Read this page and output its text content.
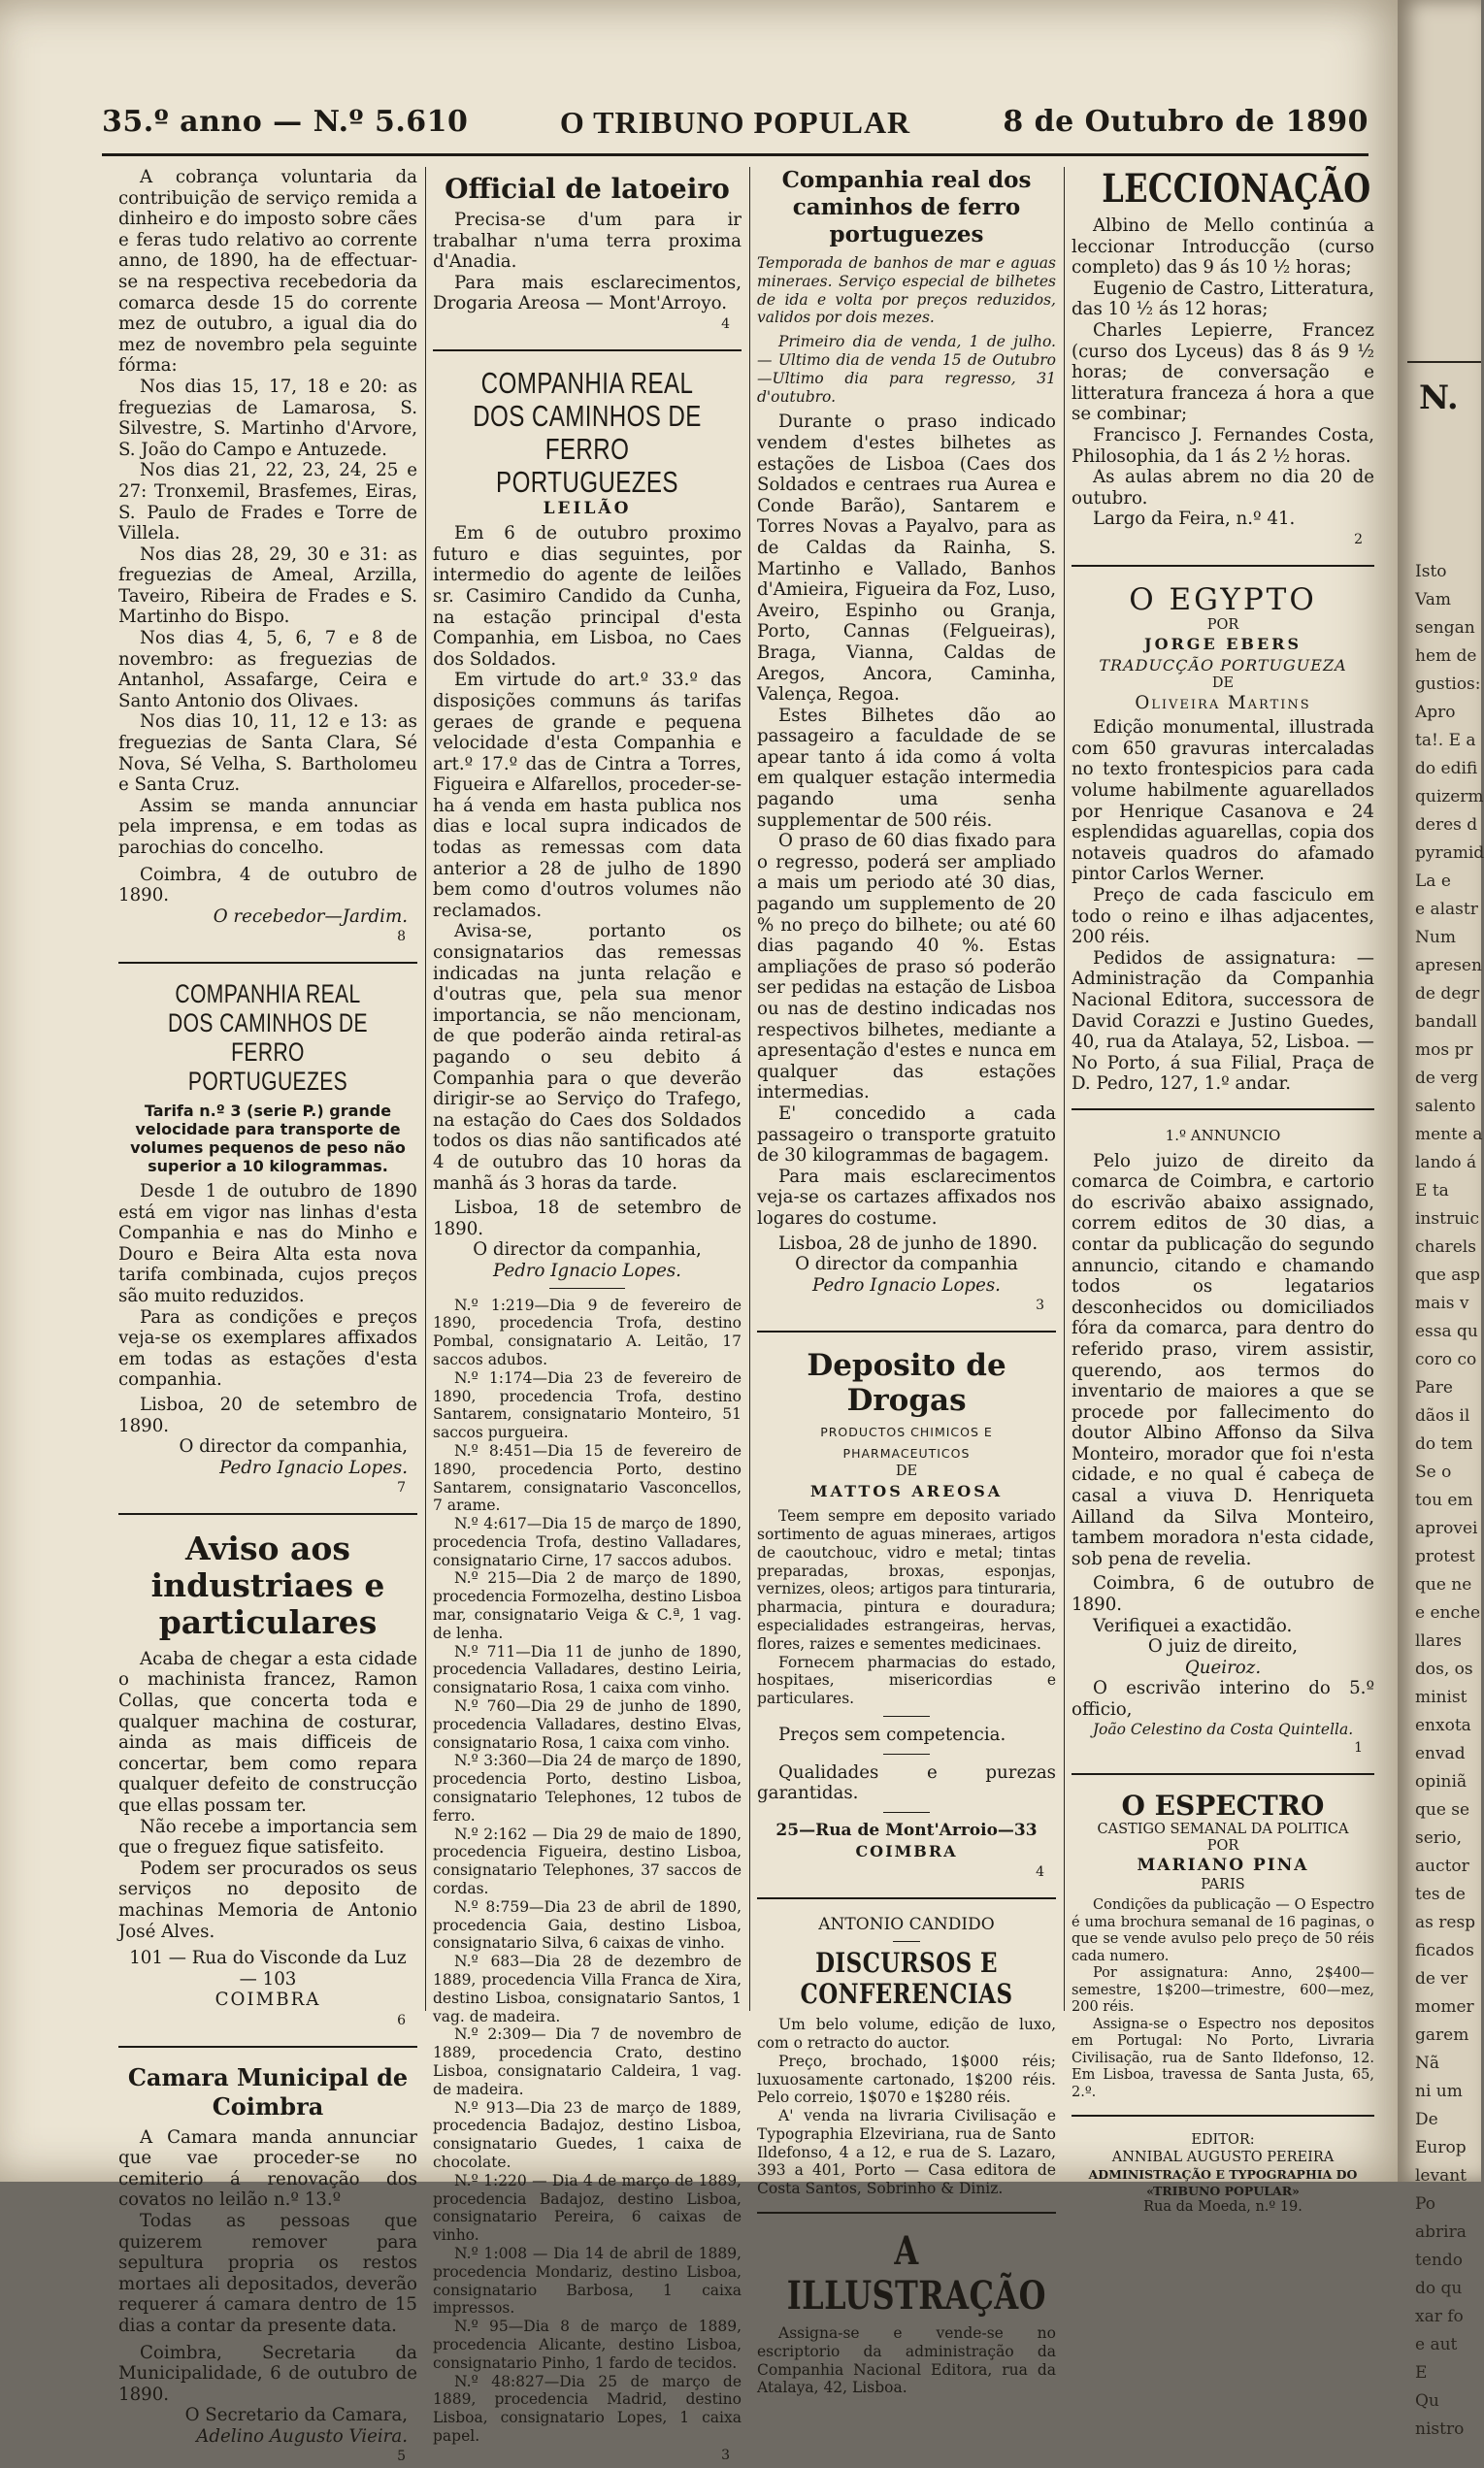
35.º anno — N.º 5.610	O TRIBUNO POPULAR	8 de Outubro de 1890

A cobrança voluntaria da contribuição de serviço remida a dinheiro e do imposto sobre cães e feras tudo relativo ao corrente anno, de 1890, ha de effectuar-se na respectiva recebedoria da comarca desde 15 do corrente mez de outubro, a igual dia do mez de novembro pela seguinte fórma:

Nos dias 15, 17, 18 e 20: as freguezias de Lamarosa, S. Silvestre, S. Martinho d'Arvore, S. João do Campo e Antuzede.

Nos dias 21, 22, 23, 24, 25 e 27: Tronxemil, Brasfemes, Eiras, S. Paulo de Frades e Torre de Villela.

Nos dias 28, 29, 30 e 31: as freguezias de Ameal, Arzilla, Taveiro, Ribeira de Frades e S. Martinho do Bispo.

Nos dias 4, 5, 6, 7 e 8 de novembro: as freguezias de Antanhol, Assafarge, Ceira e Santo Antonio dos Olivaes.

Nos dias 10, 11, 12 e 13: as freguezias de Santa Clara, Sé Nova, Sé Velha, S. Bartholomeu e Santa Cruz.

Assim se manda annunciar pela imprensa, e em todas as parochias do concelho.

Coimbra, 4 de outubro de 1890.

O recebedor—Jardim.

8

COMPANHIA REAL DOS CAMINHOS DE FERRO PORTUGUEZES

Tarifa n.º 3 (serie P.) grande velocidade para transporte de volumes pequenos de peso não superior a 10 kilogrammas.

Desde 1 de outubro de 1890 está em vigor nas linhas d'esta Companhia e nas do Minho e Douro e Beira Alta esta nova tarifa combinada, cujos preços são muito reduzidos.

Para as condições e preços veja-se os exemplares affixados em todas as estações d'esta companhia.

Lisboa, 20 de setembro de 1890.

O director da companhia,

Pedro Ignacio Lopes.

7

Aviso aos industriaes e particulares

Acaba de chegar a esta cidade o machinista francez, Ramon Collas, que concerta toda e qualquer machina de costurar, ainda as mais difficeis de concertar, bem como repara qualquer defeito de construcção que ellas possam ter.

Não recebe a importancia sem que o freguez fique satisfeito.

Podem ser procurados os seus serviços no deposito de machinas Memoria de Antonio José Alves.

101 — Rua do Visconde da Luz — 103

COIMBRA

6

Camara Municipal de Coimbra

A Camara manda annunciar que vae proceder-se no cemiterio á renovação dos covatos no leilão n.º 13.º

Todas as pessoas que quizerem remover para sepultura propria os restos mortaes ali depositados, deverão requerer á camara dentro de 15 dias a contar da presente data.

Coimbra, Secretaria da Municipalidade, 6 de outubro de 1890.

O Secretario da Camara,

Adelino Augusto Vieira.

5

Official de latoeiro

Precisa-se d'um para ir trabalhar n'uma terra proxima d'Anadia.

Para mais esclarecimentos, Drogaria Areosa — Mont'Arroyo.

4

COMPANHIA REAL DOS CAMINHOS DE FERRO PORTUGUEZES

LEILÃO

Em 6 de outubro proximo futuro e dias seguintes, por intermedio do agente de leilões sr. Casimiro Candido da Cunha, na estação principal d'esta Companhia, em Lisboa, no Caes dos Soldados.

Em virtude do art.º 33.º das disposições communs ás tarifas geraes de grande e pequena velocidade d'esta Companhia e art.º 17.º das de Cintra a Torres, Figueira e Alfarellos, proceder-se-ha á venda em hasta publica nos dias e local supra indicados de todas as remessas com data anterior a 28 de julho de 1890 bem como d'outros volumes não reclamados.

Avisa-se, portanto os consignatarios das remessas indicadas na junta relação e d'outras que, pela sua menor importancia, se não mencionam, de que poderão ainda retiral-as pagando o seu debito á Companhia para o que deverão dirigir-se ao Serviço do Trafego, na estação do Caes dos Soldados todos os dias não santificados até 4 de outubro das 10 horas da manhã ás 3 horas da tarde.

Lisboa, 18 de setembro de 1890.

O director da companhia,

Pedro Ignacio Lopes.

N.º 1:219—Dia 9 de fevereiro de 1890, procedencia Trofa, destino Pombal, consignatario A. Leitão, 17 saccos adubos.

N.º 1:174—Dia 23 de fevereiro de 1890, procedencia Trofa, destino Santarem, consignatario Monteiro, 51 saccos purgueira.

N.º 8:451—Dia 15 de fevereiro de 1890, procedencia Porto, destino Santarem, consignatario Vasconcellos, 7 arame.

N.º 4:617—Dia 15 de março de 1890, procedencia Trofa, destino Valladares, consignatario Cirne, 17 saccos adubos.

N.º 215—Dia 2 de março de 1890, procedencia Formozelha, destino Lisboa mar, consignatario Veiga & C.ª, 1 vag. de lenha.

N.º 711—Dia 11 de junho de 1890, procedencia Valladares, destino Leiria, consignatario Rosa, 1 caixa com vinho.

N.º 760—Dia 29 de junho de 1890, procedencia Valladares, destino Elvas, consignatario Rosa, 1 caixa com vinho.

N.º 3:360—Dia 24 de março de 1890, procedencia Porto, destino Lisboa, consignatario Telephones, 12 tubos de ferro.

N.º 2:162 — Dia 29 de maio de 1890, procedencia Figueira, destino Lisboa, consignatario Telephones, 37 saccos de cordas.

N.º 8:759—Dia 23 de abril de 1890, procedencia Gaia, destino Lisboa, consignatario Silva, 6 caixas de vinho.

N.º 683—Dia 28 de dezembro de 1889, procedencia Villa Franca de Xira, destino Lisboa, consignatario Santos, 1 vag. de madeira.

N.º 2:309— Dia 7 de novembro de 1889, procedencia Crato, destino Lisboa, consignatario Caldeira, 1 vag. de madeira.

N.º 913—Dia 23 de março de 1889, procedencia Badajoz, destino Lisboa, consignatario Guedes, 1 caixa de chocolate.

N.º 1:220 — Dia 4 de março de 1889, procedencia Badajoz, destino Lisboa, consignatario Pereira, 6 caixas de vinho.

N.º 1:008 — Dia 14 de abril de 1889, procedencia Mondariz, destino Lisboa, consignatario Barbosa, 1 caixa impressos.

N.º 95—Dia 8 de março de 1889, procedencia Alicante, destino Lisboa, consignatario Pinho, 1 fardo de tecidos.

N.º 48:827—Dia 25 de março de 1889, procedencia Madrid, destino Lisboa, consignatario Lopes, 1 caixa papel.

3

Companhia real dos caminhos de ferro portuguezes

Temporada de banhos de mar e aguas mineraes. Serviço especial de bilhetes de ida e volta por preços reduzidos, validos por dois mezes.

Primeiro dia de venda, 1 de julho. — Ultimo dia de venda 15 de Outubro —Ultimo dia para regresso, 31 d'outubro.

Durante o praso indicado vendem d'estes bilhetes as estações de Lisboa (Caes dos Soldados e centraes rua Aurea e Conde Barão), Santarem e Torres Novas a Payalvo, para as de Caldas da Rainha, S. Martinho e Vallado, Banhos d'Amieira, Figueira da Foz, Luso, Aveiro, Espinho ou Granja, Porto, Cannas (Felgueiras), Braga, Vianna, Caldas de Aregos, Ancora, Caminha, Valença, Regoa.

Estes Bilhetes dão ao passageiro a faculdade de se apear tanto á ida como á volta em qualquer estação intermedia pagando uma senha supplementar de 500 réis.

O praso de 60 dias fixado para o regresso, poderá ser ampliado a mais um periodo até 30 dias, pagando um supplemento de 20 % no preço do bilhete; ou até 60 dias pagando 40 %. Estas ampliações de praso só poderão ser pedidas na estação de Lisboa ou nas de destino indicadas nos respectivos bilhetes, mediante a apresentação d'estes e nunca em qualquer das estações intermedias.

E' concedido a cada passageiro o transporte gratuito de 30 kilogrammas de bagagem.

Para mais esclarecimentos veja-se os cartazes affixados nos logares do costume.

Lisboa, 28 de junho de 1890.

O director da companhia

Pedro Ignacio Lopes.

3

Deposito de Drogas

PRODUCTOS CHIMICOS E PHARMACEUTICOS

DE

MATTOS AREOSA

Teem sempre em deposito variado sortimento de aguas mineraes, artigos de caoutchouc, vidro e metal; tintas preparadas, broxas, esponjas, vernizes, oleos; artigos para tinturaria, pharmacia, pintura e douradura; especialidades estrangeiras, hervas, flores, raizes e sementes medicinaes.

Fornecem pharmacias do estado, hospitaes, misericordias e particulares.

Preços sem competencia.

Qualidades e purezas garantidas.

25—Rua de Mont'Arroio—33

COIMBRA

4

ANTONIO CANDIDO

DISCURSOS E CONFERENCIAS

Um belo volume, edição de luxo, com o retracto do auctor.

Preço, brochado, 1$000 réis; luxuosamente cartonado, 1$200 réis. Pelo correio, 1$070 e 1$280 réis.

A' venda na livraria Civilisação e Typographia Elzeviriana, rua de Santo Ildefonso, 4 a 12, e rua de S. Lazaro, 393 a 401, Porto — Casa editora de Costa Santos, Sobrinho & Diniz.

A ILLUSTRAÇÃO

Assigna-se e vende-se no escriptorio da administração da Companhia Nacional Editora, rua da Atalaya, 42, Lisboa.

LECCIONAÇÃO

Albino de Mello continúa a leccionar Introducção (curso completo) das 9 ás 10 ½ horas;

Eugenio de Castro, Litteratura, das 10 ½ ás 12 horas;

Charles Lepierre, Francez (curso dos Lyceus) das 8 ás 9 ½ horas; de conversação e litteratura franceza á hora a que se combinar;

Francisco J. Fernandes Costa, Philosophia, da 1 ás 2 ½ horas.

As aulas abrem no dia 20 de outubro.

Largo da Feira, n.º 41.

2

O EGYPTO

POR

JORGE EBERS

TRADUCÇÃO PORTUGUEZA

DE

Oliveira Martins

Edição monumental, illustrada com 650 gravuras intercaladas no texto frontespicios para cada volume habilmente aguarellados por Henrique Casanova e 24 esplendidas aguarellas, copia dos notaveis quadros do afamado pintor Carlos Werner.

Preço de cada fasciculo em todo o reino e ilhas adjacentes, 200 réis.

Pedidos de assignatura: — Administração da Companhia Nacional Editora, successora de David Corazzi e Justino Guedes, 40, rua da Atalaya, 52, Lisboa. — No Porto, á sua Filial, Praça de D. Pedro, 127, 1.º andar.

1.º ANNUNCIO

Pelo juizo de direito da comarca de Coimbra, e cartorio do escrivão abaixo assignado, correm editos de 30 dias, a contar da publicação do segundo annuncio, citando e chamando todos os legatarios desconhecidos ou domiciliados fóra da comarca, para dentro do referido praso, virem assistir, querendo, aos termos do inventario de maiores a que se procede por fallecimento do doutor Albino Affonso da Silva Monteiro, morador que foi n'esta cidade, e no qual é cabeça de casal a viuva D. Henriqueta Ailland da Silva Monteiro, tambem moradora n'esta cidade, sob pena de revelia.

Coimbra, 6 de outubro de 1890.

Verifiquei a exactidão.

O juiz de direito,

Queiroz.

O escrivão interino do 5.º officio,

João Celestino da Costa Quintella.

1

O ESPECTRO

CASTIGO SEMANAL DA POLITICA

POR

MARIANO PINA

PARIS

Condições da publicação — O Espectro é uma brochura semanal de 16 paginas, o que se vende avulso pelo preço de 50 réis cada numero.

Por assignatura: Anno, 2$400—semestre, 1$200—trimestre, 600—mez, 200 réis.

Assigna-se o Espectro nos depositos em Portugal: No Porto, Livraria Civilisação, rua de Santo Ildefonso, 12. Em Lisboa, travessa de Santa Justa, 65, 2.º.

EDITOR:

ANNIBAL AUGUSTO PEREIRA

ADMINISTRAÇÃO E TYPOGRAPHIA DO «TRIBUNO POPULAR»

Rua da Moeda, n.º 19.

N.
Isto
Vam
sengan
hem de
gustios:
Apro
ta!. E a
do edifi
quizerm
deres d
pyramid
La e
e alastr
Num
apresen
de degr
bandall
mos pr
de verg
salento
mente a
lando á
E ta
instruic
charels
que asp
mais v
essa qu
coro co
Pare
dãos il
do tem
Se o
tou em
aprovei
protest
que ne
e enche
llares
dos, os
minist
enxota
envad
opiniã
que se
serio,
auctor
tes de
as resp
ficados
de ver
momer
garem
Nã
ni um
De
Europ
levant
Po
abrira
tendo
do qu
xar fo
e aut
E
Qu
nistro
